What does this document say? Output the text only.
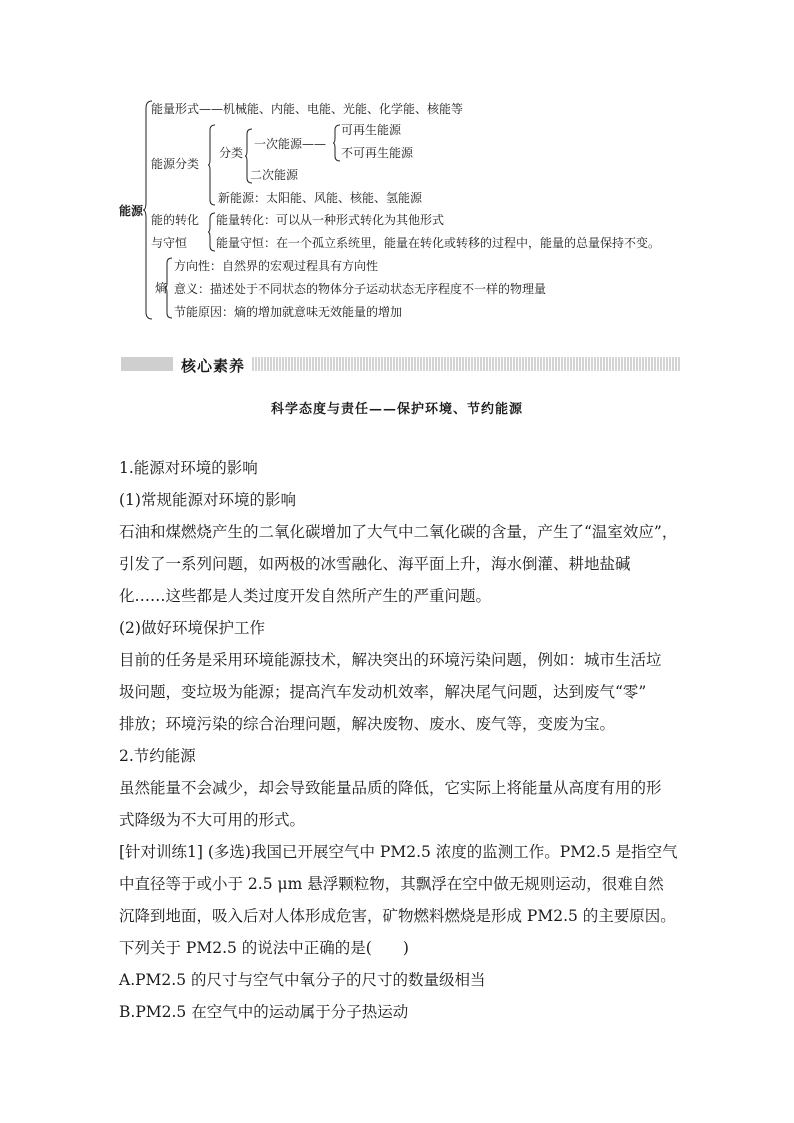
能源
能量形式——机械能、内能、电能、光能、化学能、核能等
能源分类
分类
一次能源——
可再生能源
不可再生能源
二次能源
新能源：太阳能、风能、核能、氢能源
能的转化
与守恒
能量转化：可以从一种形式转化为其他形式
能量守恒：在一个孤立系统里，能量在转化或转移的过程中，能量的总量保持不变。
熵
方向性：自然界的宏观过程具有方向性
意义：描述处于不同状态的物体分子运动状态无序程度不一样的物理量
节能原因：熵的增加就意味无效能量的增加
核心素养
科学态度与责任——保护环境、节约能源

1.能源对环境的影响

(1)常规能源对环境的影响

石油和煤燃烧产生的二氧化碳增加了大气中二氧化碳的含量，产生了“温室效应”，

引发了一系列问题，如两极的冰雪融化、海平面上升，海水倒灌、耕地盐碱

化……这些都是人类过度开发自然所产生的严重问题。

(2)做好环境保护工作

目前的任务是采用环境能源技术，解决突出的环境污染问题，例如：城市生活垃

圾问题，变垃圾为能源；提高汽车发动机效率，解决尾气问题，达到废气“零”

排放；环境污染的综合治理问题，解决废物、废水、废气等，变废为宝。

2.节约能源

虽然能量不会减少，却会导致能量品质的降低，它实际上将能量从高度有用的形

式降级为不大可用的形式。

[针对训练1] (多选)我国已开展空气中 PM2.5 浓度的监测工作。PM2.5 是指空气

中直径等于或小于 2.5 μm 悬浮颗粒物，其飘浮在空中做无规则运动，很难自然

沉降到地面，吸入后对人体形成危害，矿物燃料燃烧是形成 PM2.5 的主要原因。

下列关于 PM2.5 的说法中正确的是(　　)

A.PM2.5 的尺寸与空气中氧分子的尺寸的数量级相当

B.PM2.5 在空气中的运动属于分子热运动
